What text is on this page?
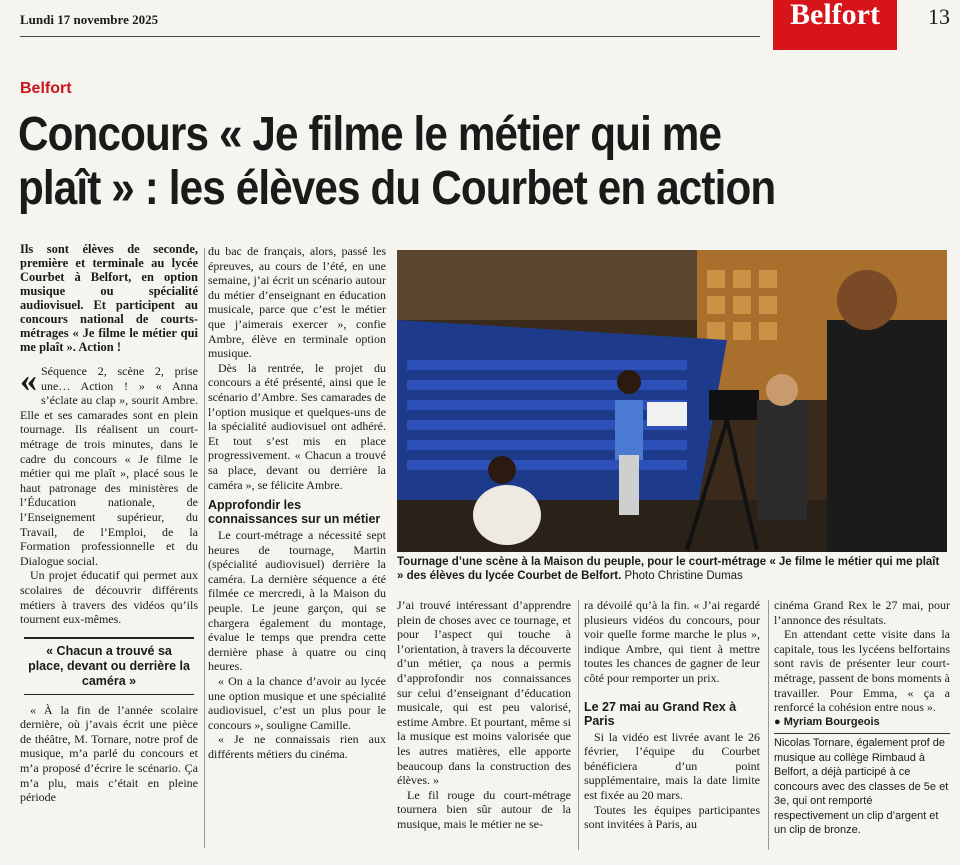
Lundi 17 novembre 2025	Belfort	13
Belfort
Concours « Je filme le métier qui me
plaît » : les élèves du Courbet en action

Ils sont élèves de seconde, première et terminale au lycée Courbet à Belfort, en option musique ou spécialité audiovisuel. Et participent au concours national de courts-métrages « Je filme le métier qui me plaît ». Action !

« Séquence 2, scène 2, prise une… Action ! » « Anna s’éclate au clap », sourit Ambre. Elle et ses camarades sont en plein tournage. Ils réalisent un court-métrage de trois minutes, dans le cadre du concours « Je filme le métier qui me plaît », placé sous le haut patronage des ministères de l’Éducation nationale, de l’Enseignement supérieur, du Travail, de l’Emploi, de la Formation professionnelle et du Dialogue social.

Un projet éducatif qui permet aux scolaires de découvrir différents métiers à travers des vidéos qu’ils tournent eux-mêmes.

« Chacun a trouvé sa place, devant ou derrière la caméra »

« À la fin de l’année scolaire dernière, où j’avais écrit une pièce de théâtre, M. Tornare, notre prof de musique, m’a parlé du concours et m’a proposé d’écrire le scénario. Ça m’a plu, mais c’était en pleine période

du bac de français, alors, passé les épreuves, au cours de l’été, en une semaine, j’ai écrit un scénario autour du métier d’enseignant en éducation musicale, parce que c’est le métier que j’aimerais exercer », confie Ambre, élève en terminale option musique.

Dès la rentrée, le projet du concours a été présenté, ainsi que le scénario d’Ambre. Ses camarades de l’option musique et quelques-uns de la spécialité audiovisuel ont adhéré. Et tout s’est mis en place progressivement. « Chacun a trouvé sa place, devant ou derrière la caméra », se félicite Ambre.

Approfondir les connaissances sur un métier

Le court-métrage a nécessité sept heures de tournage, Martin (spécialité audiovisuel) derrière la caméra. La dernière séquence a été filmée ce mercredi, à la Maison du peuple. Le jeune garçon, qui se chargera également du montage, évalue le temps que prendra cette dernière phase à quatre ou cinq heures.

« On a la chance d’avoir au lycée une option musique et une spécialité audiovisuel, c’est un plus pour le concours », souligne Camille.

« Je ne connaissais rien aux différents métiers du cinéma.

Tournage d’une scène à la Maison du peuple, pour le court-métrage « Je filme le métier qui me plaît » des élèves du lycée Courbet de Belfort. Photo Christine Dumas

J’ai trouvé intéressant d’apprendre plein de choses avec ce tournage, et pour l’aspect qui touche à l’orientation, à travers la découverte d’un métier, ça nous a permis d’approfondir nos connaissances sur celui d’enseignant d’éducation musicale, qui est peu valorisé, estime Ambre. Et pourtant, même si la musique est moins valorisée que les autres matières, elle apporte beaucoup dans la construction des élèves. »

Le fil rouge du court-métrage tournera bien sûr autour de la musique, mais le métier ne se-

ra dévoilé qu’à la fin. « J’ai regardé plusieurs vidéos du concours, pour voir quelle forme marche le plus », indique Ambre, qui tient à mettre toutes les chances de gagner de leur côté pour remporter un prix.

Le 27 mai au Grand Rex à Paris

Si la vidéo est livrée avant le 26 février, l’équipe du Courbet bénéficiera d’un point supplémentaire, mais la date limite est fixée au 20 mars.

Toutes les équipes participantes sont invitées à Paris, au

cinéma Grand Rex le 27 mai, pour l’annonce des résultats.

En attendant cette visite dans la capitale, tous les lycéens belfortains sont ravis de présenter leur court-métrage, passent de bons moments à travailler. Pour Emma, « ça a renforcé la cohésion entre nous ».

● Myriam Bourgeois
Nicolas Tornare, également prof de musique au collège Rimbaud à Belfort, a déjà participé à ce concours avec des classes de 5e et 3e, qui ont remporté respectivement un clip d’argent et un clip de bronze.
